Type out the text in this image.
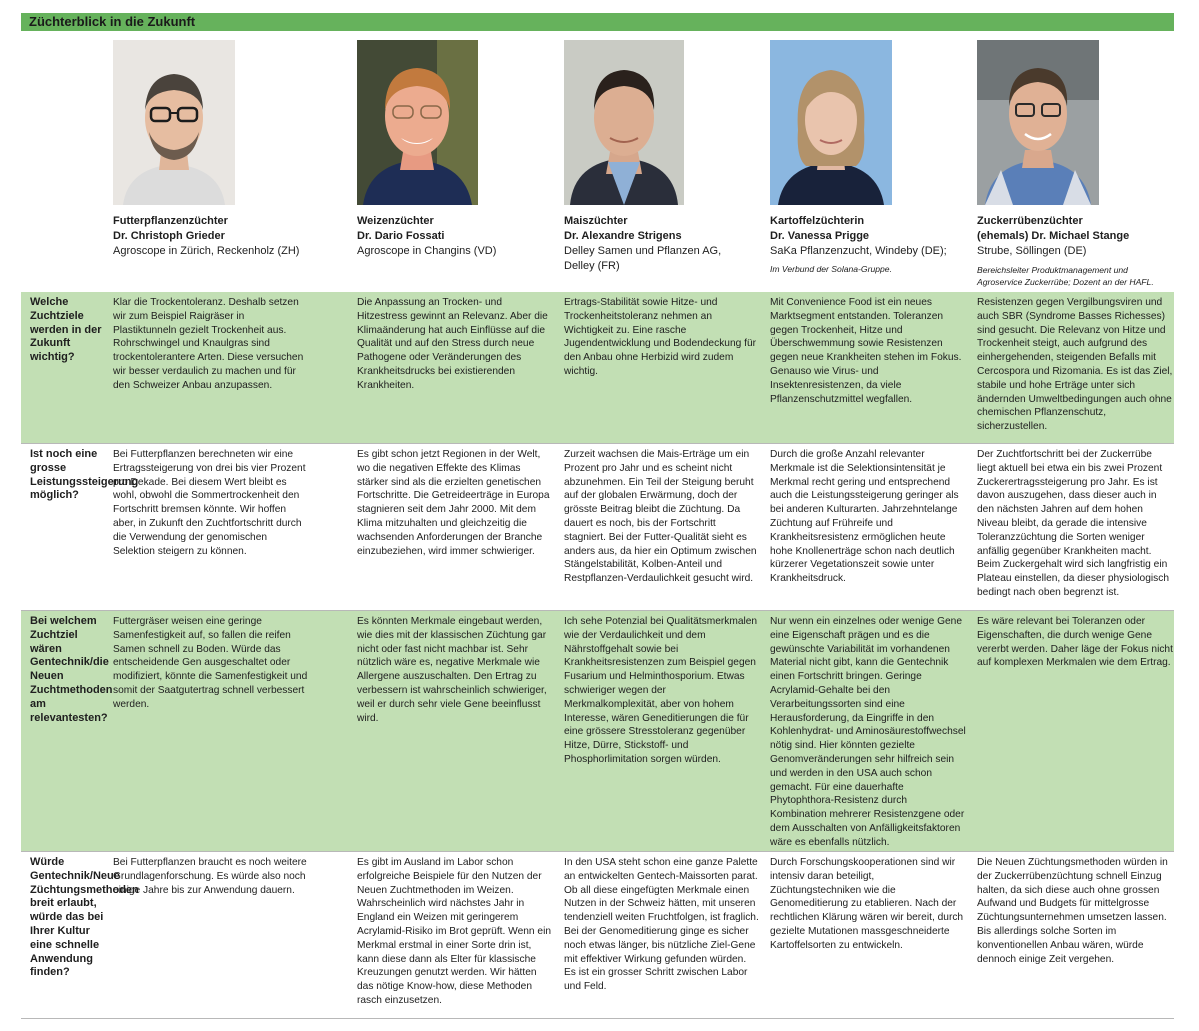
Züchterblick in die Zukunft
Futterpflanzenzüchter
Dr. Christoph Grieder
Agroscope in Zürich, Reckenholz (ZH)
Weizenzüchter
Dr. Dario Fossati
Agroscope in Changins (VD)
Maiszüchter
Dr. Alexandre Strigens
Delley Samen und Pflanzen AG, Delley (FR)
Kartoffelzüchterin
Dr. Vanessa Prigge
SaKa Pflanzenzucht, Windeby (DE);
Im Verbund der Solana-Gruppe.
Zuckerrübenzüchter
(ehemals) Dr. Michael Stange
Strube, Söllingen (DE)
Bereichsleiter Produktmanagement und Agroservice Zuckerrübe; Dozent an der HAFL.
Welche Zuchtziele werden in der Zukunft wichtig?
Klar die Trockentoleranz. Deshalb setzen wir zum Beispiel Raigräser in Plastiktunneln gezielt Trockenheit aus. Rohrschwingel und Knaulgras sind trockentolerantere Arten. Diese versuchen wir besser verdaulich zu machen und für den Schweizer Anbau anzupassen.
Die Anpassung an Trocken- und Hitzestress gewinnt an Relevanz. Aber die Klimaänderung hat auch Einflüsse auf die Qualität und auf den Stress durch neue Pathogene oder Veränderungen des Krankheitsdrucks bei existierenden Krankheiten.
Ertrags-Stabilität sowie Hitze- und Trockenheitstoleranz nehmen an Wichtigkeit zu. Eine rasche Jugendentwicklung und Bodendeckung für den Anbau ohne Herbizid wird zudem wichtig.
Mit Convenience Food ist ein neues Marktsegment entstanden. Toleranzen gegen Trockenheit, Hitze und Überschwemmung sowie Resistenzen gegen neue Krankheiten stehen im Fokus. Genauso wie Virus- und Insektenresistenzen, da viele Pflanzenschutzmittel wegfallen.
Resistenzen gegen Vergilbungsviren und auch SBR (Syndrome Basses Richesses) sind gesucht. Die Relevanz von Hitze und Trockenheit steigt, auch aufgrund des einhergehenden, steigenden Befalls mit Cercospora und Rizomania. Es ist das Ziel, stabile und hohe Erträge unter sich ändernden Umweltbedingungen auch ohne chemischen Pflanzenschutz, sicherzustellen.
Ist noch eine grosse Leistungssteigerung möglich?
Bei Futterpflanzen berechneten wir eine Ertragssteigerung von drei bis vier Prozent pro Dekade. Bei diesem Wert bleibt es wohl, obwohl die Sommertrockenheit den Fortschritt bremsen könnte. Wir hoffen aber, in Zukunft den Zuchtfortschritt durch die Verwendung der genomischen Selektion steigern zu können.
Es gibt schon jetzt Regionen in der Welt, wo die negativen Effekte des Klimas stärker sind als die erzielten genetischen Fortschritte. Die Getreideerträge in Europa stagnieren seit dem Jahr 2000. Mit dem Klima mitzuhalten und gleichzeitig die wachsenden Anforderungen der Branche einzubeziehen, wird immer schwieriger.
Zurzeit wachsen die Mais-Erträge um ein Prozent pro Jahr und es scheint nicht abzunehmen. Ein Teil der Steigung beruht auf der globalen Erwärmung, doch der grösste Beitrag bleibt die Züchtung. Da dauert es noch, bis der Fortschritt stagniert. Bei der Futter-Qualität sieht es anders aus, da hier ein Optimum zwischen Stängelstabilität, Kolben-Anteil und Restpflanzen-Verdaulichkeit gesucht wird.
Durch die große Anzahl relevanter Merkmale ist die Selektionsintensität je Merkmal recht gering und entsprechend auch die Leistungssteigerung geringer als bei anderen Kulturarten. Jahrzehntelange Züchtung auf Frühreife und Krankheitsresistenz ermöglichen heute hohe Knollenerträge schon nach deutlich kürzerer Vegetationszeit sowie unter Krankheitsdruck.
Der Zuchtfortschritt bei der Zuckerrübe liegt aktuell bei etwa ein bis zwei Prozent Zuckerertragssteigerung pro Jahr. Es ist davon auszugehen, dass dieser auch in den nächsten Jahren auf dem hohen Niveau bleibt, da gerade die intensive Toleranzzüchtung die Sorten weniger anfällig gegenüber Krankheiten macht. Beim Zuckergehalt wird sich langfristig ein Plateau einstellen, da dieser physiologisch bedingt nach oben begrenzt ist.
Bei welchem Zuchtziel wären Gentechnik/die Neuen Zuchtmethoden am relevantesten?
Futtergräser weisen eine geringe Samenfestigkeit auf, so fallen die reifen Samen schnell zu Boden. Würde das entscheidende Gen ausgeschaltet oder modifiziert, könnte die Samenfestigkeit und somit der Saatgutertrag schnell verbessert werden.
Es könnten Merkmale eingebaut werden, wie dies mit der klassischen Züchtung gar nicht oder fast nicht machbar ist. Sehr nützlich wäre es, negative Merkmale wie Allergene auszuschalten. Den Ertrag zu verbessern ist wahrscheinlich schwieriger, weil er durch sehr viele Gene beeinflusst wird.
Ich sehe Potenzial bei Qualitätsmerkmalen wie der Verdaulichkeit und dem Nährstoffgehalt sowie bei Krankheitsresistenzen zum Beispiel gegen Fusarium und Helminthosporium. Etwas schwieriger wegen der Merkmalkomplexität, aber von hohem Interesse, wären Geneditierungen die für eine grössere Stresstoleranz gegenüber Hitze, Dürre, Stickstoff- und Phosphorlimitation sorgen würden.
Nur wenn ein einzelnes oder wenige Gene eine Eigenschaft prägen und es die gewünschte Variabilität im vorhandenen Material nicht gibt, kann die Gentechnik einen Fortschritt bringen. Geringe Acrylamid-Gehalte bei den Verarbeitungssorten sind eine Herausforderung, da Eingriffe in den Kohlenhydrat- und Aminosäurestoffwechsel nötig sind. Hier könnten gezielte Genomveränderungen sehr hilfreich sein und werden in den USA auch schon gemacht. Für eine dauerhafte Phytophthora-Resistenz durch Kombination mehrerer Resistenzgene oder dem Ausschalten von Anfälligkeitsfaktoren wäre es ebenfalls nützlich.
Es wäre relevant bei Toleranzen oder Eigenschaften, die durch wenige Gene vererbt werden. Daher läge der Fokus nicht auf komplexen Merkmalen wie dem Ertrag.
Würde Gentechnik/Neue Züchtungsmethoden breit erlaubt, würde das bei Ihrer Kultur eine schnelle Anwendung finden?
Bei Futterpflanzen braucht es noch weitere Grundlagenforschung. Es würde also noch einige Jahre bis zur Anwendung dauern.
Es gibt im Ausland im Labor schon erfolgreiche Beispiele für den Nutzen der Neuen Zuchtmethoden im Weizen. Wahrscheinlich wird nächstes Jahr in England ein Weizen mit geringerem Acrylamid-Risiko im Brot geprüft. Wenn ein Merkmal erstmal in einer Sorte drin ist, kann diese dann als Elter für klassische Kreuzungen genutzt werden. Wir hätten das nötige Know-how, diese Methoden rasch einzusetzen.
In den USA steht schon eine ganze Palette an entwickelten Gentech-Maissorten parat. Ob all diese eingefügten Merkmale einen Nutzen in der Schweiz hätten, mit unseren tendenziell weiten Fruchtfolgen, ist fraglich. Bei der Genomeditierung ginge es sicher noch etwas länger, bis nützliche Ziel-Gene mit effektiver Wirkung gefunden würden. Es ist ein grosser Schritt zwischen Labor und Feld.
Durch Forschungskooperationen sind wir intensiv daran beteiligt, Züchtungstechniken wie die Genomeditierung zu etablieren. Nach der rechtlichen Klärung wären wir bereit, durch gezielte Mutationen massgeschneiderte Kartoffelsorten zu entwickeln.
Die Neuen Züchtungsmethoden würden in der Zuckerrübenzüchtung schnell Einzug halten, da sich diese auch ohne grossen Aufwand und Budgets für mittelgrosse Züchtungsunternehmen umsetzen lassen. Bis allerdings solche Sorten im konventionellen Anbau wären, würde dennoch einige Zeit vergehen.
